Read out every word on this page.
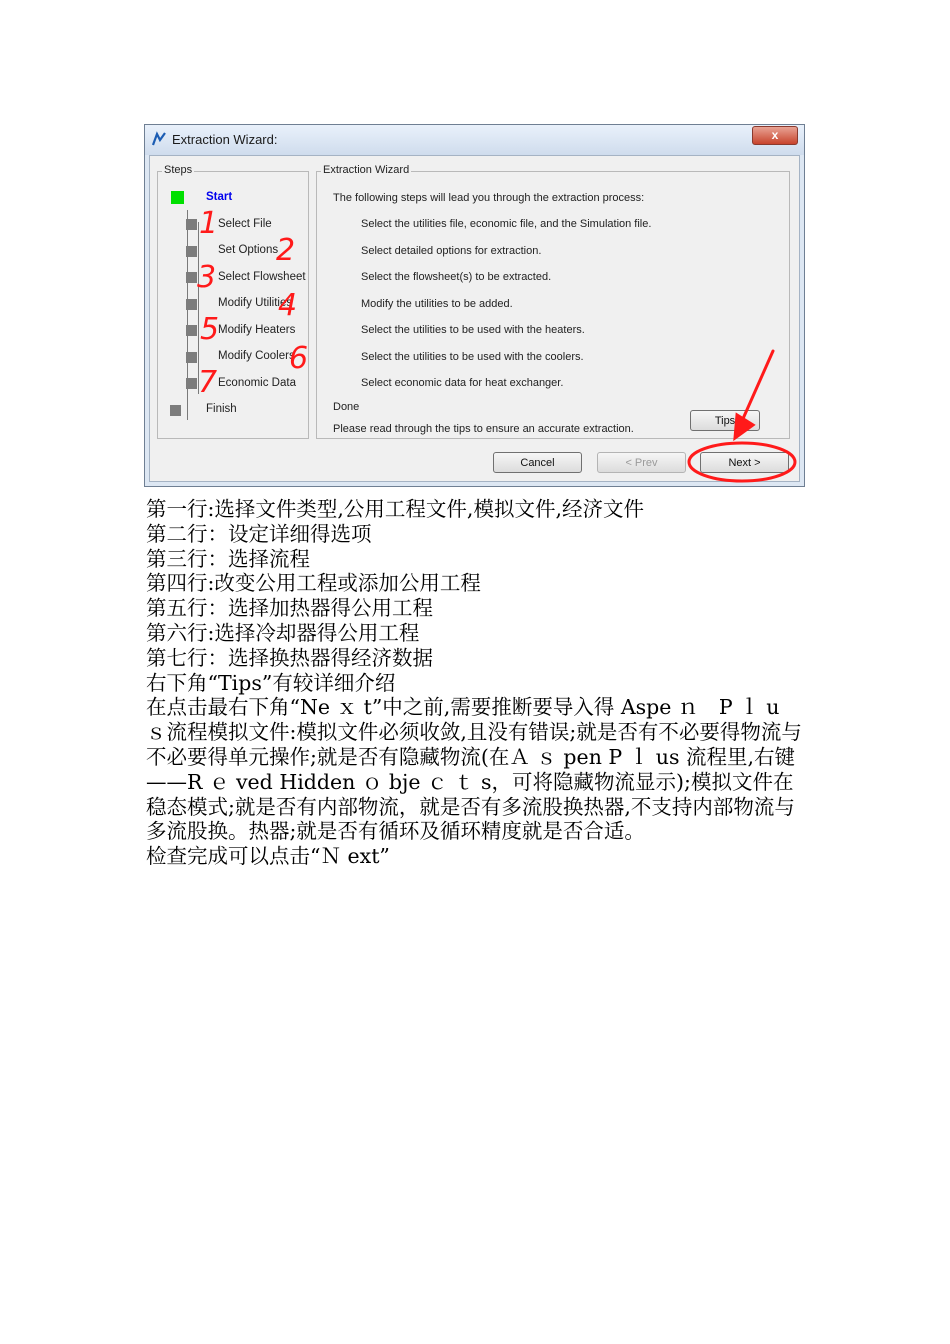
Extraction Wizard:	x
Steps
Start
Select File
Set Options
Select Flowsheet
Modify Utilities
Modify Heaters
Modify Coolers
Economic Data
Finish
Extraction Wizard
The following steps will lead you through the extraction process:
Select the utilities file, economic file, and the Simulation file.
Select detailed options for extraction.
Select the flowsheet(s) to be extracted.
Modify the utilities to be added.
Select the utilities to be used with the heaters.
Select the utilities to be used with the coolers.
Select economic data for heat exchanger.
Done
Please read through the tips to ensure an accurate extraction.
Tips
Cancel	< Prev	Next >
1
2
3
4
5
6
7

第一行:选择文件类型,公用工程文件,模拟文件,经济文件

第二行：设定详细得选项

第三行：选择流程

第四行:改变公用工程或添加公用工程

第五行：选择加热器得公用工程

第六行:选择冷却器得公用工程

第七行：选择换热器得经济数据

右下角“Tips”有较详细介绍

在点击最右下角“Ne ｘ t”中之前,需要推断要导入得 Aspe ｎ　P ｌ u ｓ流程模拟文件:模拟文件必须收敛,且没有错误;就是否有不必要得物流与不必要得单元操作;就是否有隐藏物流(在Ａ ｓ pen P ｌ us 流程里,右键——R ｅ ved Hidden ｏ bje ｃ ｔ s，可将隐藏物流显示);模拟文件在稳态模式;就是否有内部物流，就是否有多流股换热器,不支持内部物流与多流股换。热器;就是否有循环及循环精度就是否合适。

检查完成可以点击“Ｎ ext”
